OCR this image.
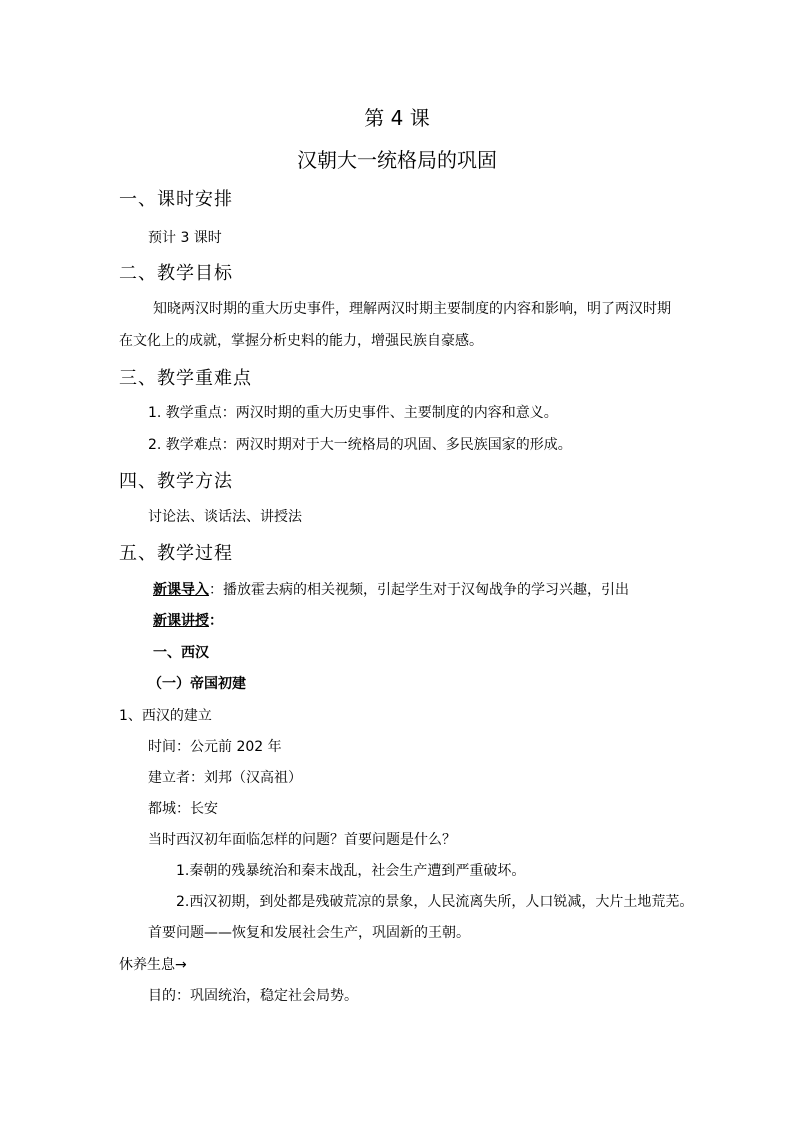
第 4 课
汉朝大一统格局的巩固
一、课时安排
预计 3 课时
二、教学目标
知晓两汉时期的重大历史事件，理解两汉时期主要制度的内容和影响，明了两汉时期
在文化上的成就，掌握分析史料的能力，增强民族自豪感。
三、教学重难点
1. 教学重点：两汉时期的重大历史事件、主要制度的内容和意义。
2. 教学难点：两汉时期对于大一统格局的巩固、多民族国家的形成。
四、教学方法
讨论法、谈话法、讲授法
五、教学过程
新课导入：播放霍去病的相关视频，引起学生对于汉匈战争的学习兴趣，引出
新课讲授：
一、西汉
（一）帝国初建
1、西汉的建立
时间：公元前 202 年
建立者：刘邦（汉高祖）
都城：长安
当时西汉初年面临怎样的问题？首要问题是什么？
1.秦朝的残暴统治和秦末战乱，社会生产遭到严重破坏。
2.西汉初期，到处都是残破荒凉的景象，人民流离失所，人口锐减，大片土地荒芜。
首要问题——恢复和发展社会生产，巩固新的王朝。
休养生息→
目的：巩固统治，稳定社会局势。
